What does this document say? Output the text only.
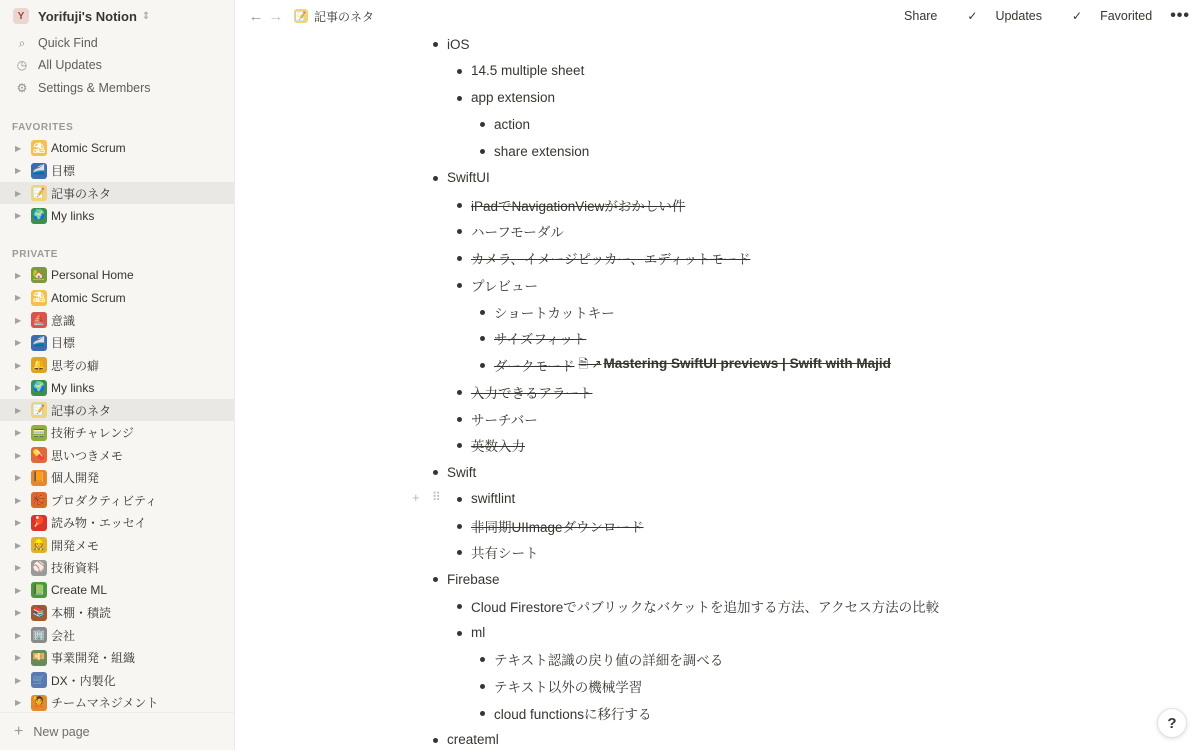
Y	Yorifuji's Notion ⇕
⌕	Quick Find
◷ All Updates
⚙ Settings & Members
FAVORITES
▶	⛱ Atomic Scrum
▶	🚄 目標
▶	📝 記事のネタ
▶	🌍 My links
PRIVATE
▶	🏡 Personal Home
▶	⛱ Atomic Scrum
▶	⛵ 意識
▶	🚄 目標
▶	🔔 思考の癖
▶	🌍 My links
▶	📝 記事のネタ
▶	🚃 技術チャレンジ
▶	💊 思いつきメモ
▶	📙 個人開発
▶	🏀 プロダクティビティ
▶	🏓 読み物・エッセイ
▶	👷 開発メモ
▶	⚾ 技術資料
▶	📗 Create ML
▶	📚 本棚・積読
▶	🏢 会社
▶	💴 事業開発・組織
▶	🛒 DX・内製化
▶	🙋 チームマネジメント
+ New page
← → 📝 記事のネタ	Share	✓ Updates	✓ Favorited •••
iOS
14.5 multiple sheet
app extension
action
share extension
SwiftUI
iPadでNavigationViewがおかしい件
ハーフモーダル
カメラ、イメージピッカー、エディットモード
プレビュー
ショートカットキー
サイズフィット
ダークモード 🗎 ↗ Mastering SwiftUI previews | Swift with Majid
入力できるアラート
サーチバー
英数入力
Swift
swiftlint
非同期UIImageダウンロード
共有シート
Firebase
Cloud Firestoreでパブリックなバケットを追加する方法、アクセス方法の比較
ml
テキスト認識の戻り値の詳細を調べる
テキスト以外の機械学習
cloud functionsに移行する
createml
+ ⠿
?
